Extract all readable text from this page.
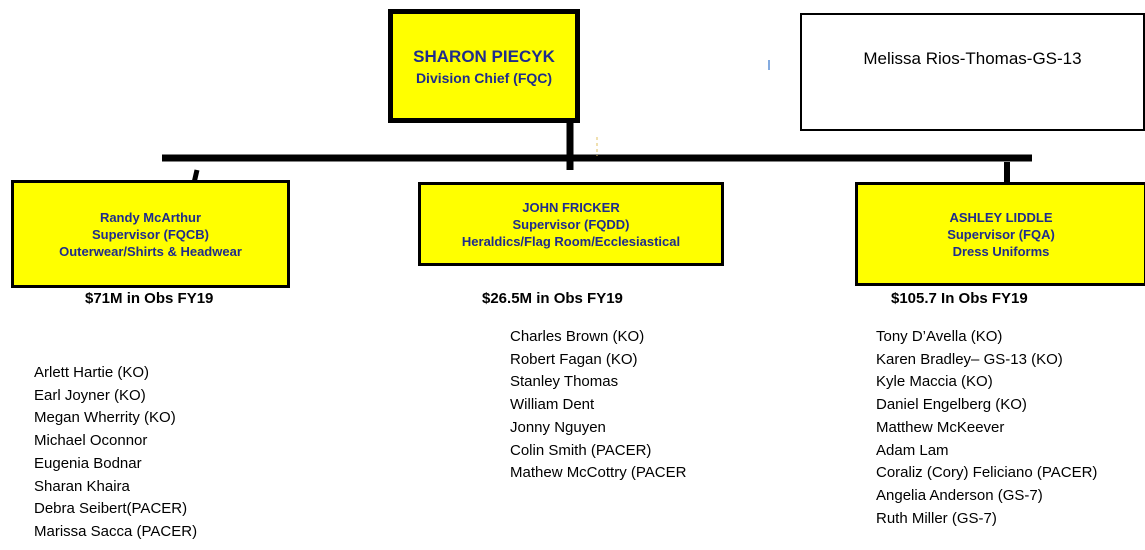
SHARON PIECYK
Division Chief (FQC)
Melissa Rios-Thomas-GS-13
Randy McArthur
Supervisor (FQCB)
Outerwear/Shirts & Headwear
$71M in Obs FY19
Arlett Hartie (KO)
Earl Joyner (KO)
Megan Wherrity (KO)
Michael Oconnor
Eugenia Bodnar
Sharan Khaira
Debra Seibert(PACER)
Marissa Sacca (PACER)
JOHN FRICKER
Supervisor (FQDD)
Heraldics/Flag Room/Ecclesiastical
$26.5M in Obs FY19
Charles Brown (KO)
Robert Fagan (KO)
Stanley Thomas
William Dent
Jonny Nguyen
Colin Smith (PACER)
Mathew McCottry (PACER
ASHLEY LIDDLE
Supervisor (FQA)
Dress Uniforms
$105.7 In Obs FY19
Tony D’Avella (KO)
Karen Bradley– GS-13 (KO)
Kyle Maccia (KO)
Daniel Engelberg (KO)
Matthew McKeever
Adam Lam
Coraliz (Cory) Feliciano (PACER)
Angelia Anderson (GS-7)
Ruth Miller (GS-7)
